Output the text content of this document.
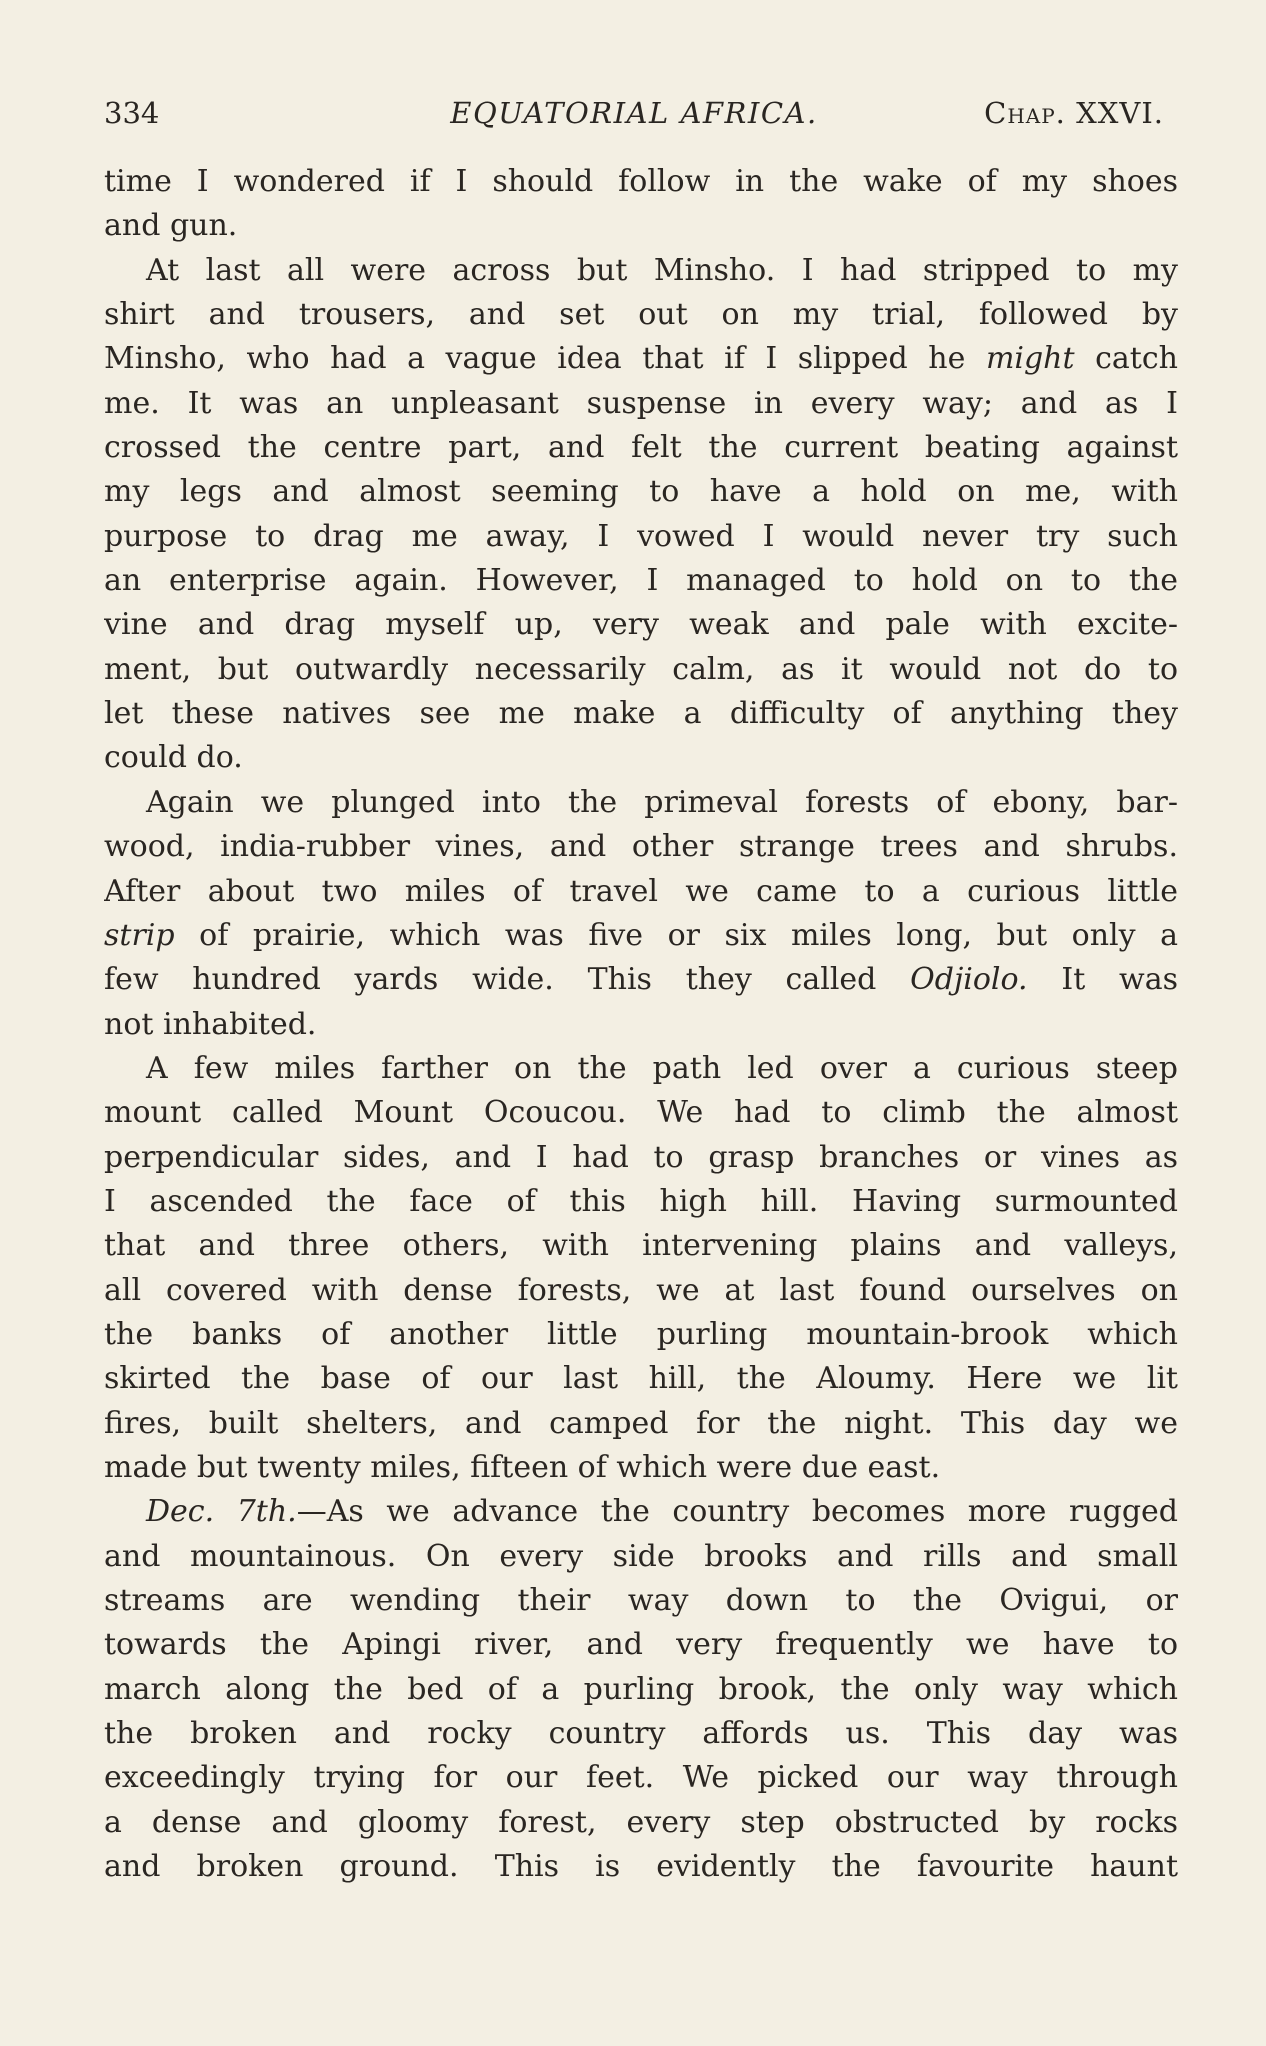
334	EQUATORIAL AFRICA.	Chap. XXVI.
time I wondered if I should follow in the wake of my shoes
and gun.
At last all were across but Minsho. I had stripped to my
shirt and trousers, and set out on my trial, followed by
Minsho, who had a vague idea that if I slipped he might catch
me. It was an unpleasant suspense in every way; and as I
crossed the centre part, and felt the current beating against
my legs and almost seeming to have a hold on me, with
purpose to drag me away, I vowed I would never try such
an enterprise again. However, I managed to hold on to the
vine and drag myself up, very weak and pale with excite-
ment, but outwardly necessarily calm, as it would not do to
let these natives see me make a difficulty of anything they
could do.
Again we plunged into the primeval forests of ebony, bar-
wood, india-rubber vines, and other strange trees and shrubs.
After about two miles of travel we came to a curious little
strip of prairie, which was five or six miles long, but only a
few hundred yards wide. This they called Odjiolo. It was
not inhabited.
A few miles farther on the path led over a curious steep
mount called Mount Ocoucou. We had to climb the almost
perpendicular sides, and I had to grasp branches or vines as
I ascended the face of this high hill. Having surmounted
that and three others, with intervening plains and valleys,
all covered with dense forests, we at last found ourselves on
the banks of another little purling mountain-brook which
skirted the base of our last hill, the Aloumy. Here we lit
fires, built shelters, and camped for the night. This day we
made but twenty miles, fifteen of which were due east.
Dec. 7th.—As we advance the country becomes more rugged
and mountainous. On every side brooks and rills and small
streams are wending their way down to the Ovigui, or
towards the Apingi river, and very frequently we have to
march along the bed of a purling brook, the only way which
the broken and rocky country affords us. This day was
exceedingly trying for our feet. We picked our way through
a dense and gloomy forest, every step obstructed by rocks
and broken ground. This is evidently the favourite haunt
